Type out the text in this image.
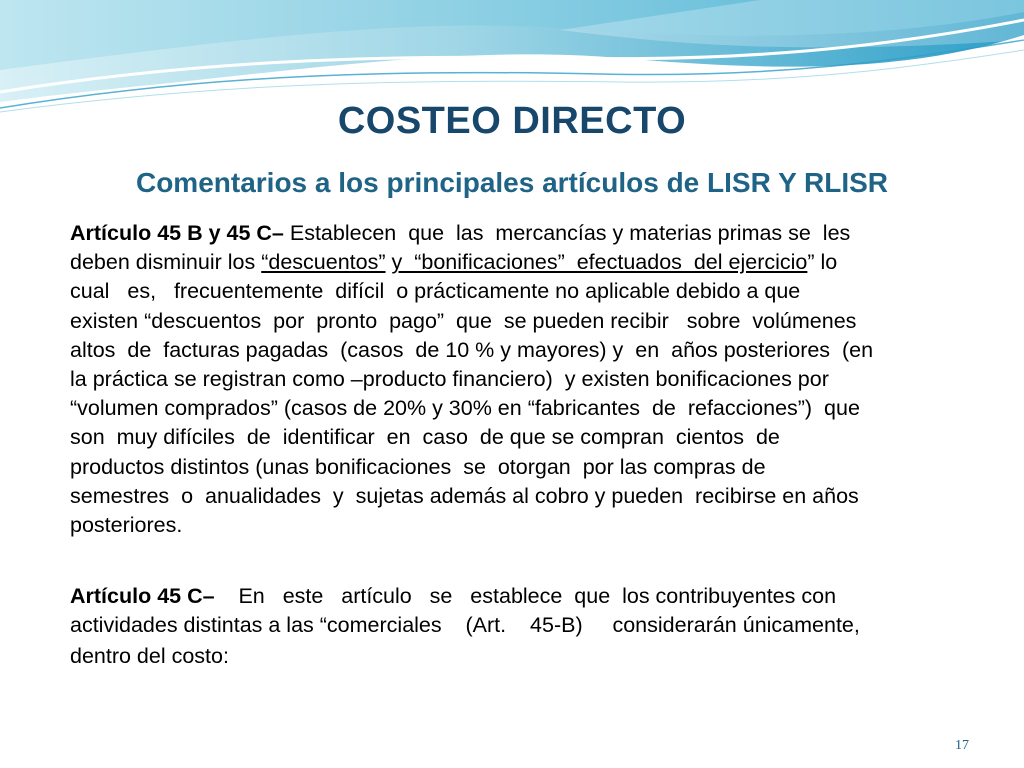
COSTEO DIRECTO
Comentarios a los principales artículos de LISR Y RLISR
Artículo 45 B y 45 C– Establecen  que  las  mercancías y materias primas se  les
deben disminuir los “descuentos” y  “bonificaciones”  efectuados  del ejercicio” lo
cual   es,   frecuentemente  difícil  o prácticamente no aplicable debido a que
existen “descuentos  por  pronto  pago”  que  se pueden recibir   sobre  volúmenes
altos  de  facturas pagadas  (casos  de 10 % y mayores) y  en  años posteriores  (en
la práctica se registran como –producto financiero)  y existen bonificaciones por
“volumen comprados” (casos de 20% y 30% en “fabricantes  de  refacciones”)  que
son  muy difíciles  de  identificar  en  caso  de que se compran  cientos  de
productos distintos (unas bonificaciones  se  otorgan  por las compras de
semestres  o  anualidades  y  sujetas además al cobro y pueden  recibirse en años
posteriores.
Artículo 45 C–    En   este   artículo   se   establece  que  los contribuyentes con
actividades distintas a las “comerciales    (Art.    45-B)     considerarán únicamente,
dentro del costo:
17
